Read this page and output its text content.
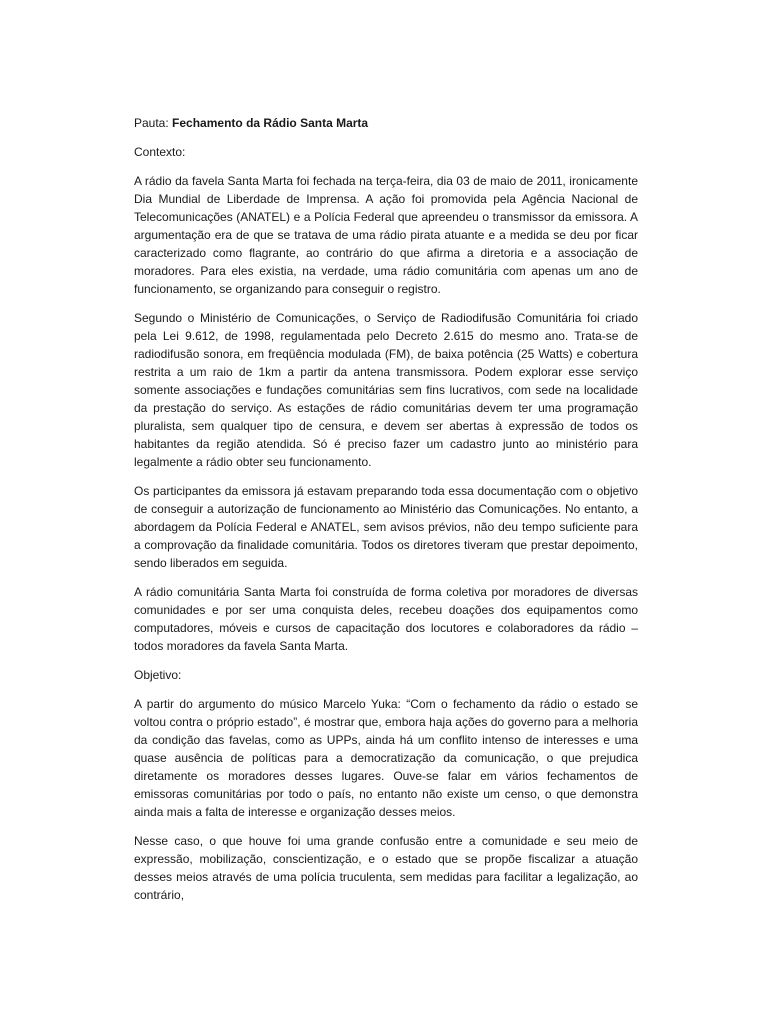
Pauta: Fechamento da Rádio Santa Marta

Contexto:

A rádio da favela Santa Marta foi fechada na terça-feira, dia 03 de maio de 2011, ironicamente Dia Mundial de Liberdade de Imprensa. A ação foi promovida pela Agência Nacional de Telecomunicações (ANATEL) e a Polícia Federal que apreendeu o transmissor da emissora. A argumentação era de que se tratava de uma rádio pirata atuante e a medida se deu por ficar caracterizado como flagrante, ao contrário do que afirma a diretoria e a associação de moradores. Para eles existia, na verdade, uma rádio comunitária com apenas um ano de funcionamento, se organizando para conseguir o registro.

Segundo o Ministério de Comunicações, o Serviço de Radiodifusão Comunitária foi criado pela Lei 9.612, de 1998, regulamentada pelo Decreto 2.615 do mesmo ano. Trata-se de radiodifusão sonora, em freqüência modulada (FM), de baixa potência (25 Watts) e cobertura restrita a um raio de 1km a partir da antena transmissora. Podem explorar esse serviço somente associações e fundações comunitárias sem fins lucrativos, com sede na localidade da prestação do serviço. As estações de rádio comunitárias devem ter uma programação pluralista, sem qualquer tipo de censura, e devem ser abertas à expressão de todos os habitantes da região atendida. Só é preciso fazer um cadastro junto ao ministério para legalmente a rádio obter seu funcionamento.

Os participantes da emissora já estavam preparando toda essa documentação com o objetivo de conseguir a autorização de funcionamento ao Ministério das Comunicações. No entanto, a abordagem da Polícia Federal e ANATEL, sem avisos prévios, não deu tempo suficiente para a comprovação da finalidade comunitária. Todos os diretores tiveram que prestar depoimento, sendo liberados em seguida.

A rádio comunitária Santa Marta foi construída de forma coletiva por moradores de diversas comunidades e por ser uma conquista deles, recebeu doações dos equipamentos como computadores, móveis e cursos de capacitação dos locutores e colaboradores da rádio – todos moradores da favela Santa Marta.

Objetivo:

A partir do argumento do músico Marcelo Yuka: “Com o fechamento da rádio o estado se voltou contra o próprio estado”, é mostrar que, embora haja ações do governo para a melhoria da condição das favelas, como as UPPs, ainda há um conflito intenso de interesses e uma quase ausência de políticas para a democratização da comunicação, o que prejudica diretamente os moradores desses lugares. Ouve-se falar em vários fechamentos de emissoras comunitárias por todo o país, no entanto não existe um censo, o que demonstra ainda mais a falta de interesse e organização desses meios.

Nesse caso, o que houve foi uma grande confusão entre a comunidade e seu meio de expressão, mobilização, conscientização, e o estado que se propõe fiscalizar a atuação desses meios através de uma polícia truculenta, sem medidas para facilitar a legalização, ao contrário,
